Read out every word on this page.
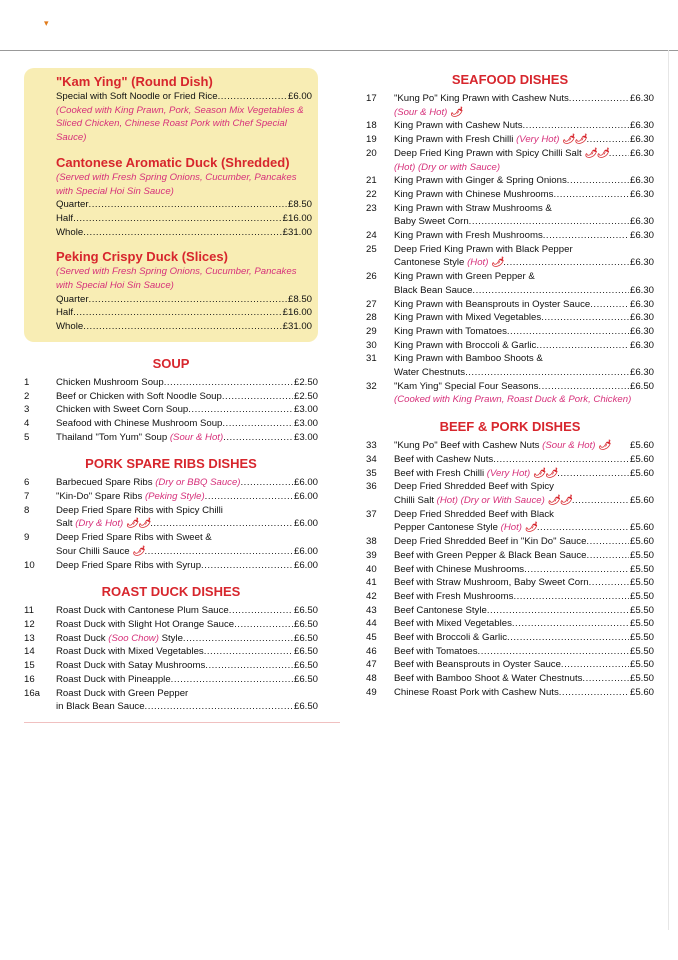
▾
"Kam Ying" (Round Dish)
Special with Soft Noodle or Fried Rice .....	£6.00
(Cooked with King Prawn, Pork, Season Mix Vegetables & Sliced Chicken, Chinese Roast Pork with Chef Special Sauce)
Cantonese Aromatic Duck (Shredded)
(Served with Fresh Spring Onions, Cucumber, Pancakes with Special Hoi Sin Sauce)
Quarter .....	£8.50
Half .....	£16.00
Whole .....	£31.00
Peking Crispy Duck (Slices)
(Served with Fresh Spring Onions, Cucumber, Pancakes with Special Hoi Sin Sauce)
Quarter .....	£8.50
Half .....	£16.00
Whole .....	£31.00
SOUP
1	Chicken Mushroom Soup .....	£2.50
2	Beef or Chicken with Soft Noodle Soup .....	£2.50
3	Chicken with Sweet Corn Soup .....	£3.00
4	Seafood with Chinese Mushroom Soup .....	£3.00
5	Thailand "Tom Yum" Soup (Sour & Hot) .....	£3.00
PORK SPARE RIBS DISHES
6	Barbecued Spare Ribs (Dry or BBQ Sauce) .....	£6.00
7	"Kin-Do" Spare Ribs (Peking Style) .....	£6.00
8	Deep Fried Spare Ribs with Spicy Chilli
Salt (Dry & Hot) 🌶🌶 .....	£6.00
9	Deep Fried Spare Ribs with Sweet &
Sour Chilli Sauce 🌶 .....	£6.00
10	Deep Fried Spare Ribs with Syrup .....	£6.00
ROAST DUCK DISHES
11	Roast Duck with Cantonese Plum Sauce .....	£6.50
12	Roast Duck with Slight Hot Orange Sauce .....	£6.50
13	Roast Duck (Soo Chow) Style .....	£6.50
14	Roast Duck with Mixed Vegetables .....	£6.50
15	Roast Duck with Satay Mushrooms .....	£6.50
16	Roast Duck with Pineapple .....	£6.50
16a	Roast Duck with Green Pepper
in Black Bean Sauce .....	£6.50
SEAFOOD DISHES
17	"Kung Po" King Prawn with Cashew Nuts .....	£6.30
(Sour & Hot) 🌶
18	King Prawn with Cashew Nuts .....	£6.30
19	King Prawn with Fresh Chilli (Very Hot) 🌶🌶 .....	£6.30
20	Deep Fried King Prawn with Spicy Chilli Salt 🌶🌶 ..... £6.30
(Hot) (Dry or with Sauce)
21	King Prawn with Ginger & Spring Onions .....	£6.30
22	King Prawn with Chinese Mushrooms .....	£6.30
23	King Prawn with Straw Mushrooms &
Baby Sweet Corn .....	£6.30
24	King Prawn with Fresh Mushrooms .....	£6.30
25	Deep Fried King Prawn with Black Pepper
Cantonese Style (Hot) 🌶 .....	£6.30
26	King Prawn with Green Pepper &
Black Bean Sauce .....	£6.30
27	King Prawn with Beansprouts in Oyster Sauce .....	£6.30
28	King Prawn with Mixed Vegetables .....	£6.30
29	King Prawn with Tomatoes .....	£6.30
30	King Prawn with Broccoli & Garlic .....	£6.30
31	King Prawn with Bamboo Shoots &
Water Chestnuts .....	£6.30
32	"Kam Ying" Special Four Seasons .....	£6.50
(Cooked with King Prawn, Roast Duck & Pork, Chicken)
BEEF & PORK DISHES
33	"Kung Po" Beef with Cashew Nuts (Sour & Hot) 🌶 £5.60
34	Beef with Cashew Nuts .....	£5.60
35	Beef with Fresh Chilli (Very Hot) 🌶🌶 .....	£5.60
36	Deep Fried Shredded Beef with Spicy
Chilli Salt (Hot) (Dry or With Sauce) 🌶🌶 .....	£5.60
37	Deep Fried Shredded Beef with Black
Pepper Cantonese Style (Hot) 🌶 .....	£5.60
38	Deep Fried Shredded Beef in "Kin Do" Sauce .....	£5.60
39	Beef with Green Pepper & Black Bean Sauce .....	£5.50
40	Beef with Chinese Mushrooms .....	£5.50
41	Beef with Straw Mushroom, Baby Sweet Corn .....	£5.50
42	Beef with Fresh Mushrooms .....	£5.50
43	Beef Cantonese Style .....	£5.50
44	Beef with Mixed Vegetables .....	£5.50
45	Beef with Broccoli & Garlic .....	£5.50
46	Beef with Tomatoes .....	£5.50
47	Beef with Beansprouts in Oyster Sauce .....	£5.50
48	Beef with Bamboo Shoot & Water Chestnuts .....	£5.50
49	Chinese Roast Pork with Cashew Nuts .....	£5.60
